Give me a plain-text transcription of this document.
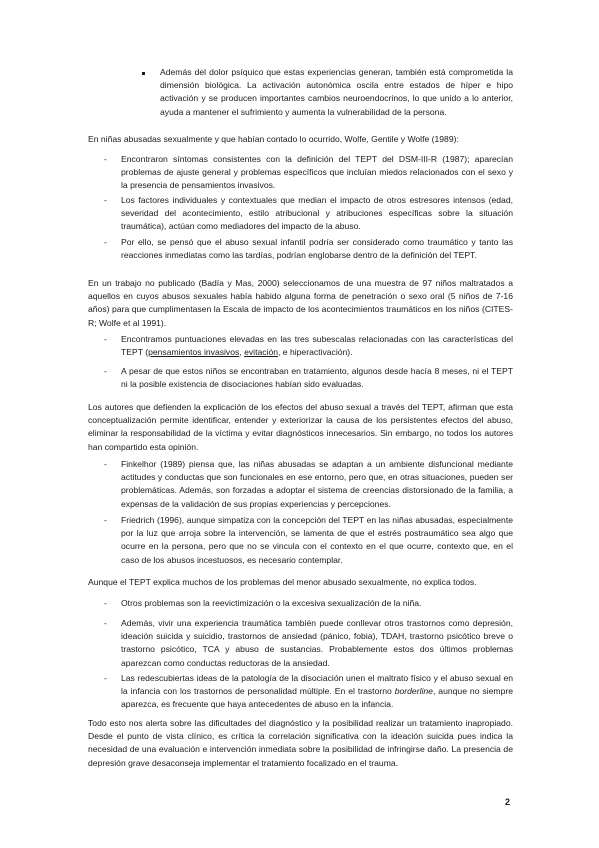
Además del dolor psíquico que estas experiencias generan, también está comprometida la dimensión biológica. La activación autonómica oscila entre estados de híper e hipo activación y se producen importantes cambios neuroendocrinos, lo que unido a lo anterior, ayuda a mantener el sufrimiento y aumenta la vulnerabilidad de la persona.

En niñas abusadas sexualmente y que habían contado lo ocurrido, Wolfe, Gentile y Wolfe (1989):

- Encontraron síntomas consistentes con la definición del TEPT del DSM-III-R (1987); aparecían problemas de ajuste general y problemas específicos que incluían miedos relacionados con el sexo y la presencia de pensamientos invasivos.

- Los factores individuales y contextuales que median el impacto de otros estresores intensos (edad, severidad del acontecimiento, estilo atribucional y atribuciones específicas sobre la situación traumática), actúan como mediadores del impacto de la abuso.

- Por ello, se pensó que el abuso sexual infantil podría ser considerado como traumático y tanto las reacciones inmediatas como las tardías, podrían englobarse dentro de la definición del TEPT.

En un trabajo no publicado (Badía y Mas, 2000) seleccionamos de una muestra de 97 niños maltratados a aquellos en cuyos abusos sexuales había habido alguna forma de penetración o sexo oral (5 niños de 7-16 años) para que cumplimentasen la Escala de impacto de los acontecimientos traumáticos en los niños (CITES-R; Wolfe et al 1991).

- Encontramos puntuaciones elevadas en las tres subescalas relacionadas con las características del TEPT (pensamientos invasivos, evitación, e hiperactivación).

- A pesar de que estos niños se encontraban en tratamiento, algunos desde hacía 8 meses, ni el TEPT ni la posible existencia de disociaciones habían sido evaluadas.

Los autores que defienden la explicación de los efectos del abuso sexual a través del TEPT, afirman que esta conceptualización permite identificar, entender y exteriorizar la causa de los persistentes efectos del abuso, eliminar la responsabilidad de la víctima y evitar diagnósticos innecesarios. Sin embargo, no todos los autores han compartido esta opinión.

- Finkelhor (1989) piensa que, las niñas abusadas se adaptan a un ambiente disfuncional mediante actitudes y conductas que son funcionales en ese entorno, pero que, en otras situaciones, pueden ser problemáticas. Además, son forzadas a adoptar el sistema de creencias distorsionado de la familia, a expensas de la validación de sus propias experiencias y percepciones.

- Friedrich (1996), aunque simpatiza con la concepción del TEPT en las niñas abusadas, especialmente por la luz que arroja sobre la intervención, se lamenta de que el estrés postraumático sea algo que ocurre en la persona, pero que no se vincula con el contexto en el que ocurre, contexto que, en el caso de los abusos incestuosos, es necesario contemplar.

Aunque el TEPT explica muchos de los problemas del menor abusado sexualmente, no explica todos.

- Otros problemas son la reevictimización o la excesiva sexualización de la niña.

- Además, vivir una experiencia traumática también puede conllevar otros trastornos como depresión, ideación suicida y suicidio, trastornos de ansiedad (pánico, fobia), TDAH, trastorno psicótico breve o trastorno psicótico, TCA y abuso de sustancias. Probablemente estos dos últimos problemas aparezcan como conductas reductoras de la ansiedad.

- Las redescubiertas ideas de la patología de la disociación unen el maltrato físico y el abuso sexual en la infancia con los trastornos de personalidad múltiple. En el trastorno borderline, aunque no siempre aparezca, es frecuente que haya antecedentes de abuso en la infancia.

Todo esto nos alerta sobre las dificultades del diagnóstico y la posibilidad realizar un tratamiento inapropiado. Desde el punto de vista clínico, es crítica la correlación significativa con la ideación suicida pues indica la necesidad de una evaluación e intervención inmediata sobre la posibilidad de infringirse daño. La presencia de depresión grave desaconseja implementar el tratamiento focalizado en el trauma.

2
